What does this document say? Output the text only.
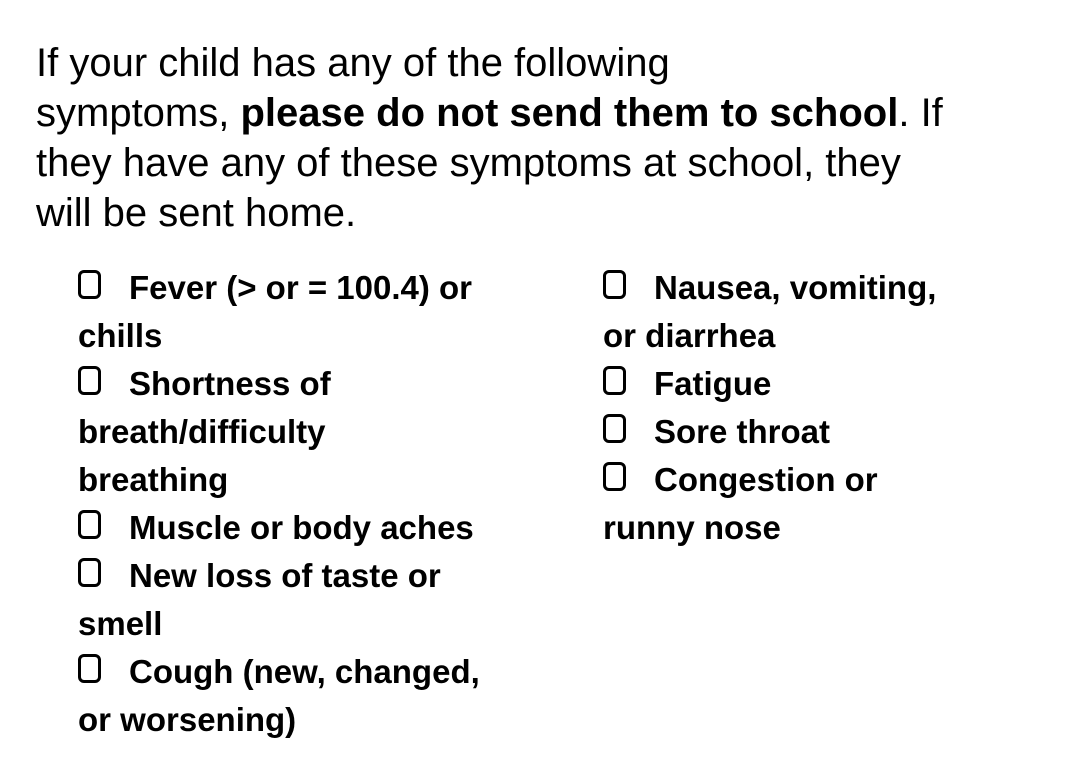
If your child has any of the following
symptoms, please do not send them to school. If
they have any of these symptoms at school, they
will be sent home.
Fever (> or = 100.4) or
chills
Shortness of
breath/difficulty
breathing
Muscle or body aches
New loss of taste or
smell
Cough (new, changed,
or worsening)
Nausea, vomiting,
or diarrhea
Fatigue
Sore throat
Congestion or
runny nose
